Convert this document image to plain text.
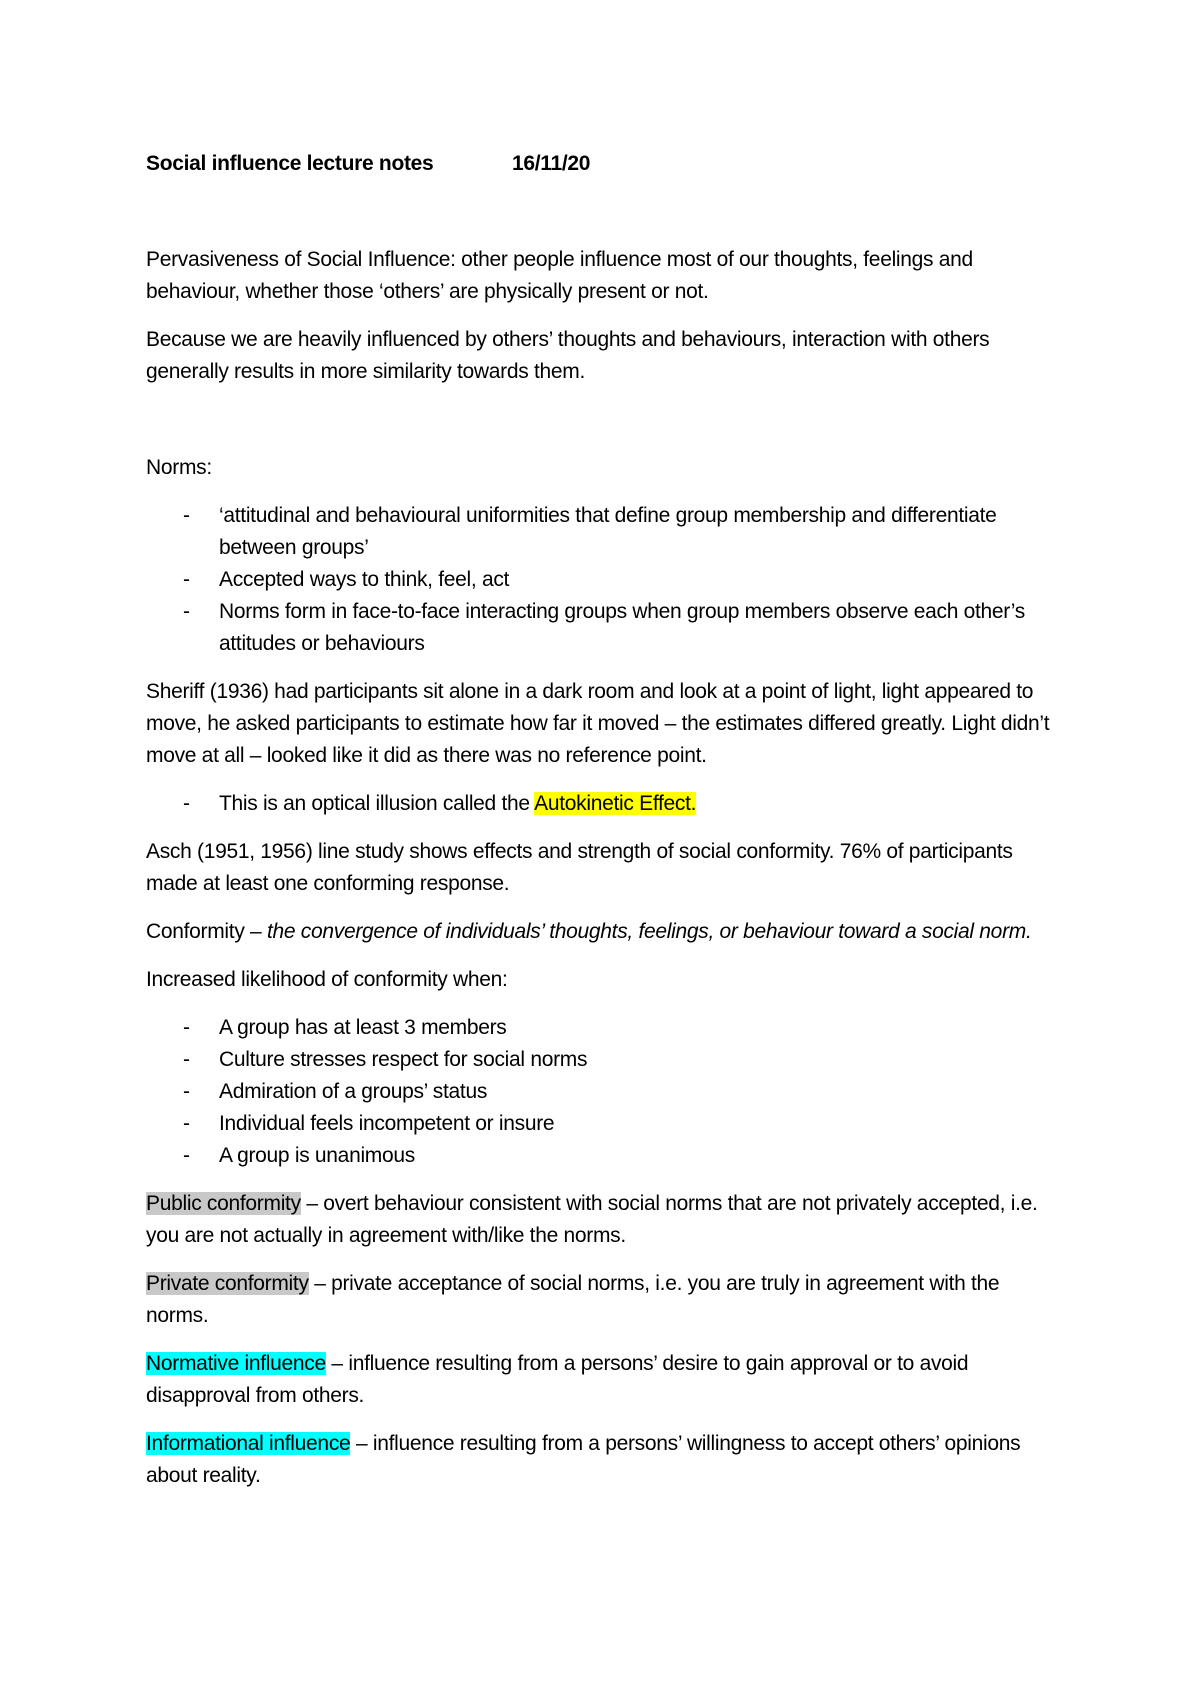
Social influence lecture notes	16/11/20

Pervasiveness of Social Influence: other people influence most of our thoughts, feelings and behaviour, whether those ‘others’ are physically present or not.

Because we are heavily influenced by others’ thoughts and behaviours, interaction with others generally results in more similarity towards them.

Norms:

- ‘attitudinal and behavioural uniformities that define group membership and differentiate between groups’
- Accepted ways to think, feel, act
- Norms form in face-to-face interacting groups when group members observe each other’s attitudes or behaviours

Sheriff (1936) had participants sit alone in a dark room and look at a point of light, light appeared to move, he asked participants to estimate how far it moved – the estimates differed greatly. Light didn’t move at all – looked like it did as there was no reference point.

- This is an optical illusion called the Autokinetic Effect.

Asch (1951, 1956) line study shows effects and strength of social conformity. 76% of participants made at least one conforming response.

Conformity – the convergence of individuals’ thoughts, feelings, or behaviour toward a social norm.

Increased likelihood of conformity when:

- A group has at least 3 members
- Culture stresses respect for social norms
- Admiration of a groups’ status
- Individual feels incompetent or insure
- A group is unanimous

Public conformity – overt behaviour consistent with social norms that are not privately accepted, i.e. you are not actually in agreement with/like the norms.

Private conformity – private acceptance of social norms, i.e. you are truly in agreement with the norms.

Normative influence – influence resulting from a persons’ desire to gain approval or to avoid disapproval from others.

Informational influence – influence resulting from a persons’ willingness to accept others’ opinions about reality.
